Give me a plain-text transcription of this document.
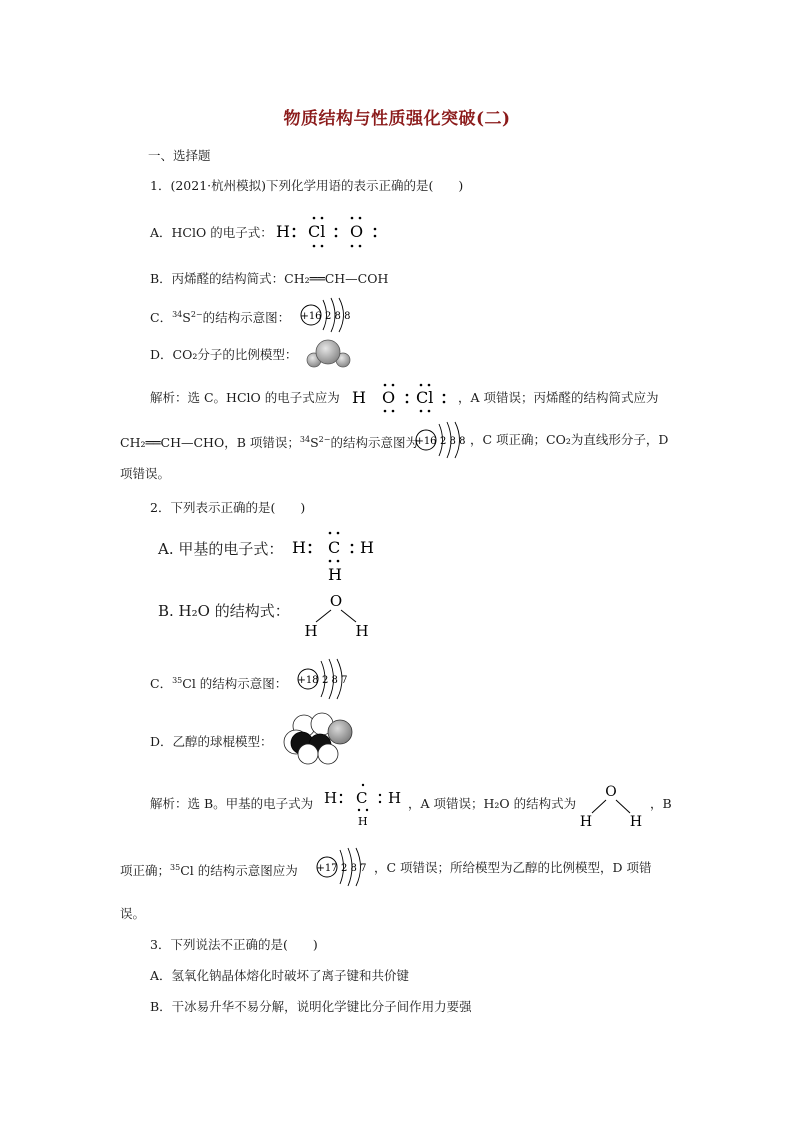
物质结构与性质强化突破(二)
一、选择题
1．(2021·杭州模拟)下列化学用语的表示正确的是(　　)
A．HClO 的电子式： H Cl O
B．丙烯醛的结构简式：CH₂══CH—COH
C．$^{34}S^{2-}$的结构示意图： +16 2 8 8
D．CO₂分子的比例模型：
解析：选 C。HClO 的电子式应为 H O Cl ，A 项错误；丙烯醛的结构简式应为
CH₂══CH—CHO，B 项错误；$^{34}S^{2-}$的结构示意图为
+16 2 8 8 ，C 项正确；CO₂为直线形分子，D
项错误。
2．下列表示正确的是(　　)
A. 甲基的电子式： H C H
H
B. H₂O 的结构式：
O
H	H
C．$^{35}$Cl 的结构示意图： +18 2 8 7
D．乙醇的球棍模型：
解析：选 B。甲基的电子式为 H C H
H
，A 项错误；H₂O 的结构式为
O
H	H
，B
项正确；$^{35}$Cl 的结构示意图应为 +17 2 8 7 ，C 项错误；所给模型为乙醇的比例模型，D 项错
误。
3．下列说法不正确的是(　　)
A．氢氧化钠晶体熔化时破坏了离子键和共价键
B．干冰易升华不易分解，说明化学键比分子间作用力要强
